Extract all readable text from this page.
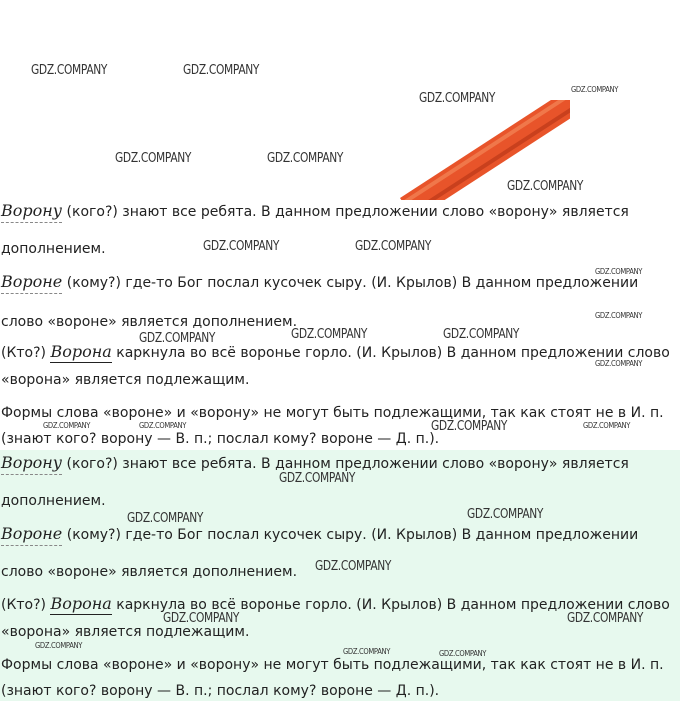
Ворону (кого?) знают все ребята. В данном предложении слово «ворону» является
дополнением.
Вороне (кому?) где-то Бог послал кусочек сыру. (И. Крылов) В данном предложении
слово «вороне» является дополнением.
(Кто?) Ворона каркнула во всё воронье горло. (И. Крылов) В данном предложении слово
«ворона» является подлежащим.
Формы слова «вороне» и «ворону» не могут быть подлежащими, так как стоят не в И. п.
(знают кого? ворону — В. п.; послал кому? вороне — Д. п.).
Ворону (кого?) знают все ребята. В данном предложении слово «ворону» является
дополнением.
Вороне (кому?) где-то Бог послал кусочек сыру. (И. Крылов) В данном предложении
слово «вороне» является дополнением.
(Кто?) Ворона каркнула во всё воронье горло. (И. Крылов) В данном предложении слово
«ворона» является подлежащим.
Формы слова «вороне» и «ворону» не могут быть подлежащими, так как стоят не в И. п.
(знают кого? ворону — В. п.; послал кому? вороне — Д. п.).
GDZ.COMPANY	GDZ.COMPANY
GDZ.COMPANY
GDZ.COMPANY
GDZ.COMPANY	GDZ.COMPANY
GDZ.COMPANY
GDZ.COMPANY	GDZ.COMPANY
GDZ.COMPANY
GDZ.COMPANY
GDZ.COMPANY	GDZ.COMPANY	GDZ.COMPANY
GDZ.COMPANY
GDZ.COMPANY	GDZ.COMPANY	GDZ.COMPANY	GDZ.COMPANY
GDZ.COMPANY
GDZ.COMPANY
GDZ.COMPANY
GDZ.COMPANY
GDZ.COMPANY	GDZ.COMPANY
GDZ.COMPANY
GDZ.COMPANY	GDZ.COMPANY
